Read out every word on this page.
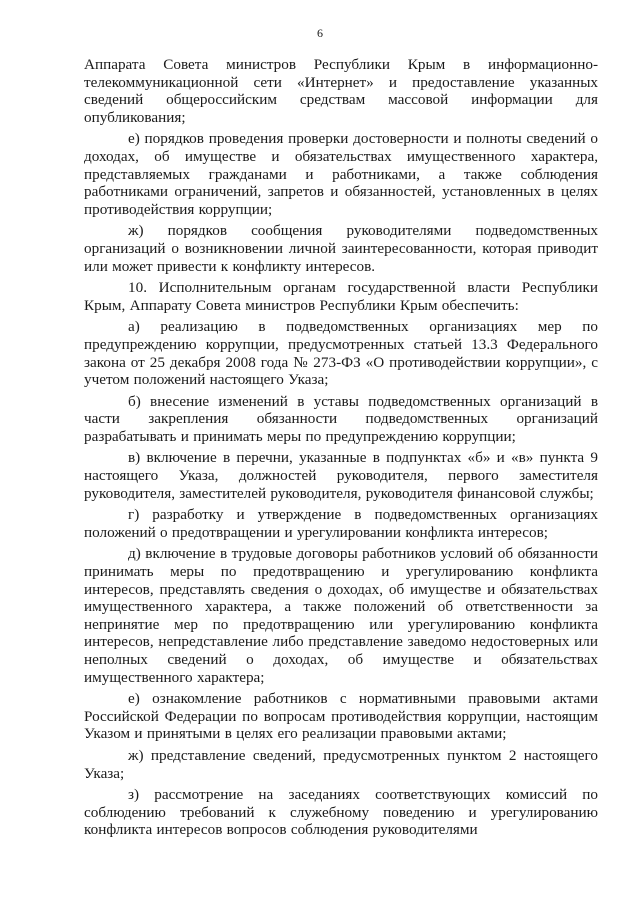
6

Аппарата Совета министров Республики Крым в информационно-телекоммуникационной сети «Интернет» и предоставление указанных сведений общероссийским средствам массовой информации для опубликования;

е) порядков проведения проверки достоверности и полноты сведений о доходах, об имуществе и обязательствах имущественного характера, представляемых гражданами и работниками, а также соблюдения работниками ограничений, запретов и обязанностей, установленных в целях противодействия коррупции;

ж) порядков сообщения руководителями подведомственных организаций о возникновении личной заинтересованности, которая приводит или может привести к конфликту интересов.

10. Исполнительным органам государственной власти Республики Крым, Аппарату Совета министров Республики Крым обеспечить:

а) реализацию в подведомственных организациях мер по предупреждению коррупции, предусмотренных статьей 13.3 Федерального закона от 25 декабря 2008 года № 273-ФЗ «О противодействии коррупции», с учетом положений настоящего Указа;

б) внесение изменений в уставы подведомственных организаций в части закрепления обязанности подведомственных организаций разрабатывать и принимать меры по предупреждению коррупции;

в) включение в перечни, указанные в подпунктах «б» и «в» пункта 9 настоящего Указа, должностей руководителя, первого заместителя руководителя, заместителей руководителя, руководителя финансовой службы;

г) разработку и утверждение в подведомственных организациях положений о предотвращении и урегулировании конфликта интересов;

д) включение в трудовые договоры работников условий об обязанности принимать меры по предотвращению и урегулированию конфликта интересов, представлять сведения о доходах, об имуществе и обязательствах имущественного характера, а также положений об ответственности за непринятие мер по предотвращению или урегулированию конфликта интересов, непредставление либо представление заведомо недостоверных или неполных сведений о доходах, об имуществе и обязательствах имущественного характера;

е) ознакомление работников с нормативными правовыми актами Российской Федерации по вопросам противодействия коррупции, настоящим Указом и принятыми в целях его реализации правовыми актами;

ж) представление сведений, предусмотренных пунктом 2 настоящего Указа;

з) рассмотрение на заседаниях соответствующих комиссий по соблюдению требований к служебному поведению и урегулированию конфликта интересов вопросов соблюдения руководителями
